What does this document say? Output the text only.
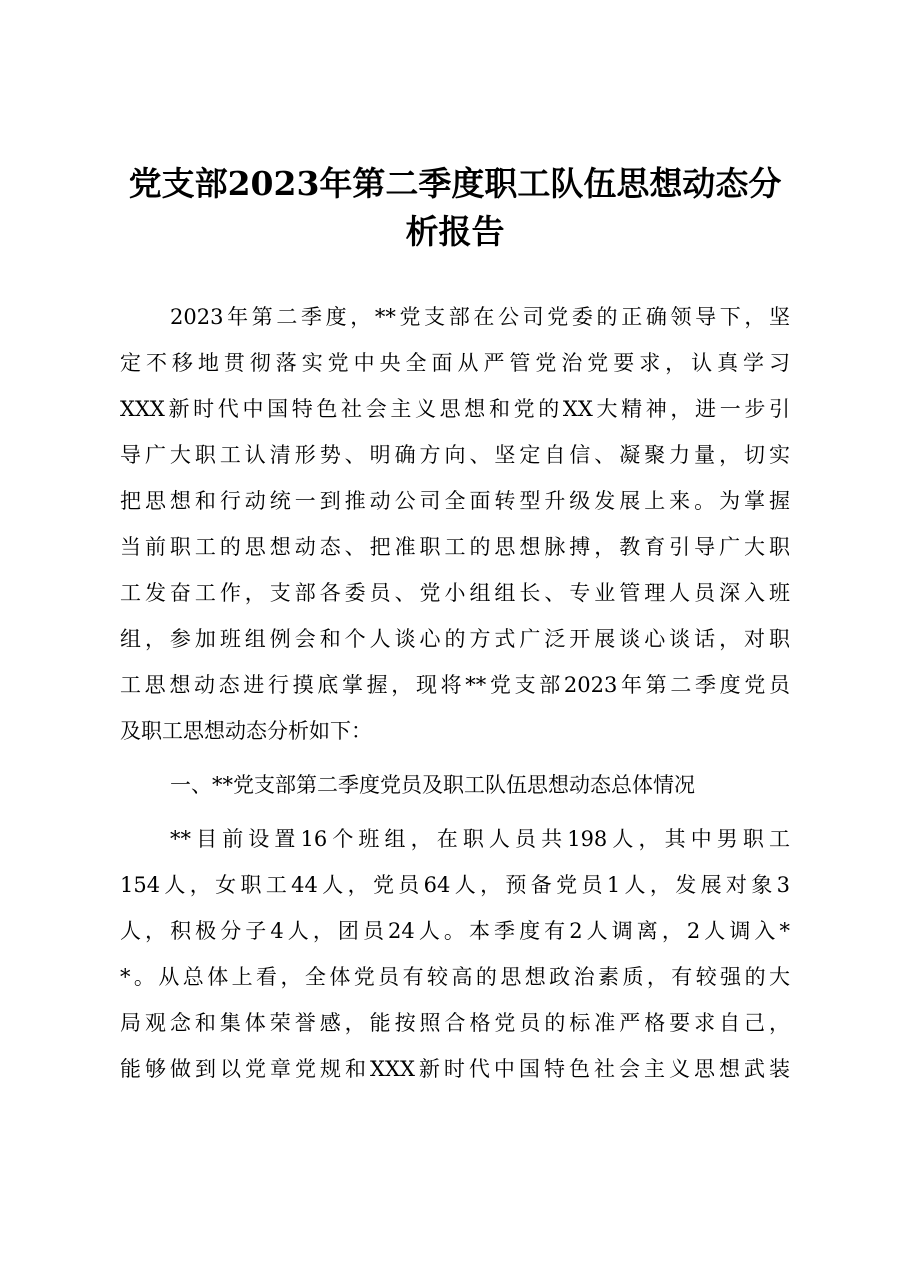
党支部2023年第二季度职工队伍思想动态分
析报告

2023年第二季度，**党支部在公司党委的正确领导下，坚

定不移地贯彻落实党中央全面从严管党治党要求，认真学习

XXX新时代中国特色社会主义思想和党的XX大精神，进一步引

导广大职工认清形势、明确方向、坚定自信、凝聚力量，切实

把思想和行动统一到推动公司全面转型升级发展上来。为掌握

当前职工的思想动态、把准职工的思想脉搏，教育引导广大职

工发奋工作，支部各委员、党小组组长、专业管理人员深入班

组，参加班组例会和个人谈心的方式广泛开展谈心谈话，对职

工思想动态进行摸底掌握，现将**党支部2023年第二季度党员

及职工思想动态分析如下：

一、**党支部第二季度党员及职工队伍思想动态总体情况

**目前设置16个班组，在职人员共198人，其中男职工

154人，女职工44人，党员64人，预备党员1人，发展对象3

人，积极分子4人，团员24人。本季度有2人调离，2人调入*

*。从总体上看，全体党员有较高的思想政治素质，有较强的大

局观念和集体荣誉感，能按照合格党员的标准严格要求自己，

能够做到以党章党规和XXX新时代中国特色社会主义思想武装
